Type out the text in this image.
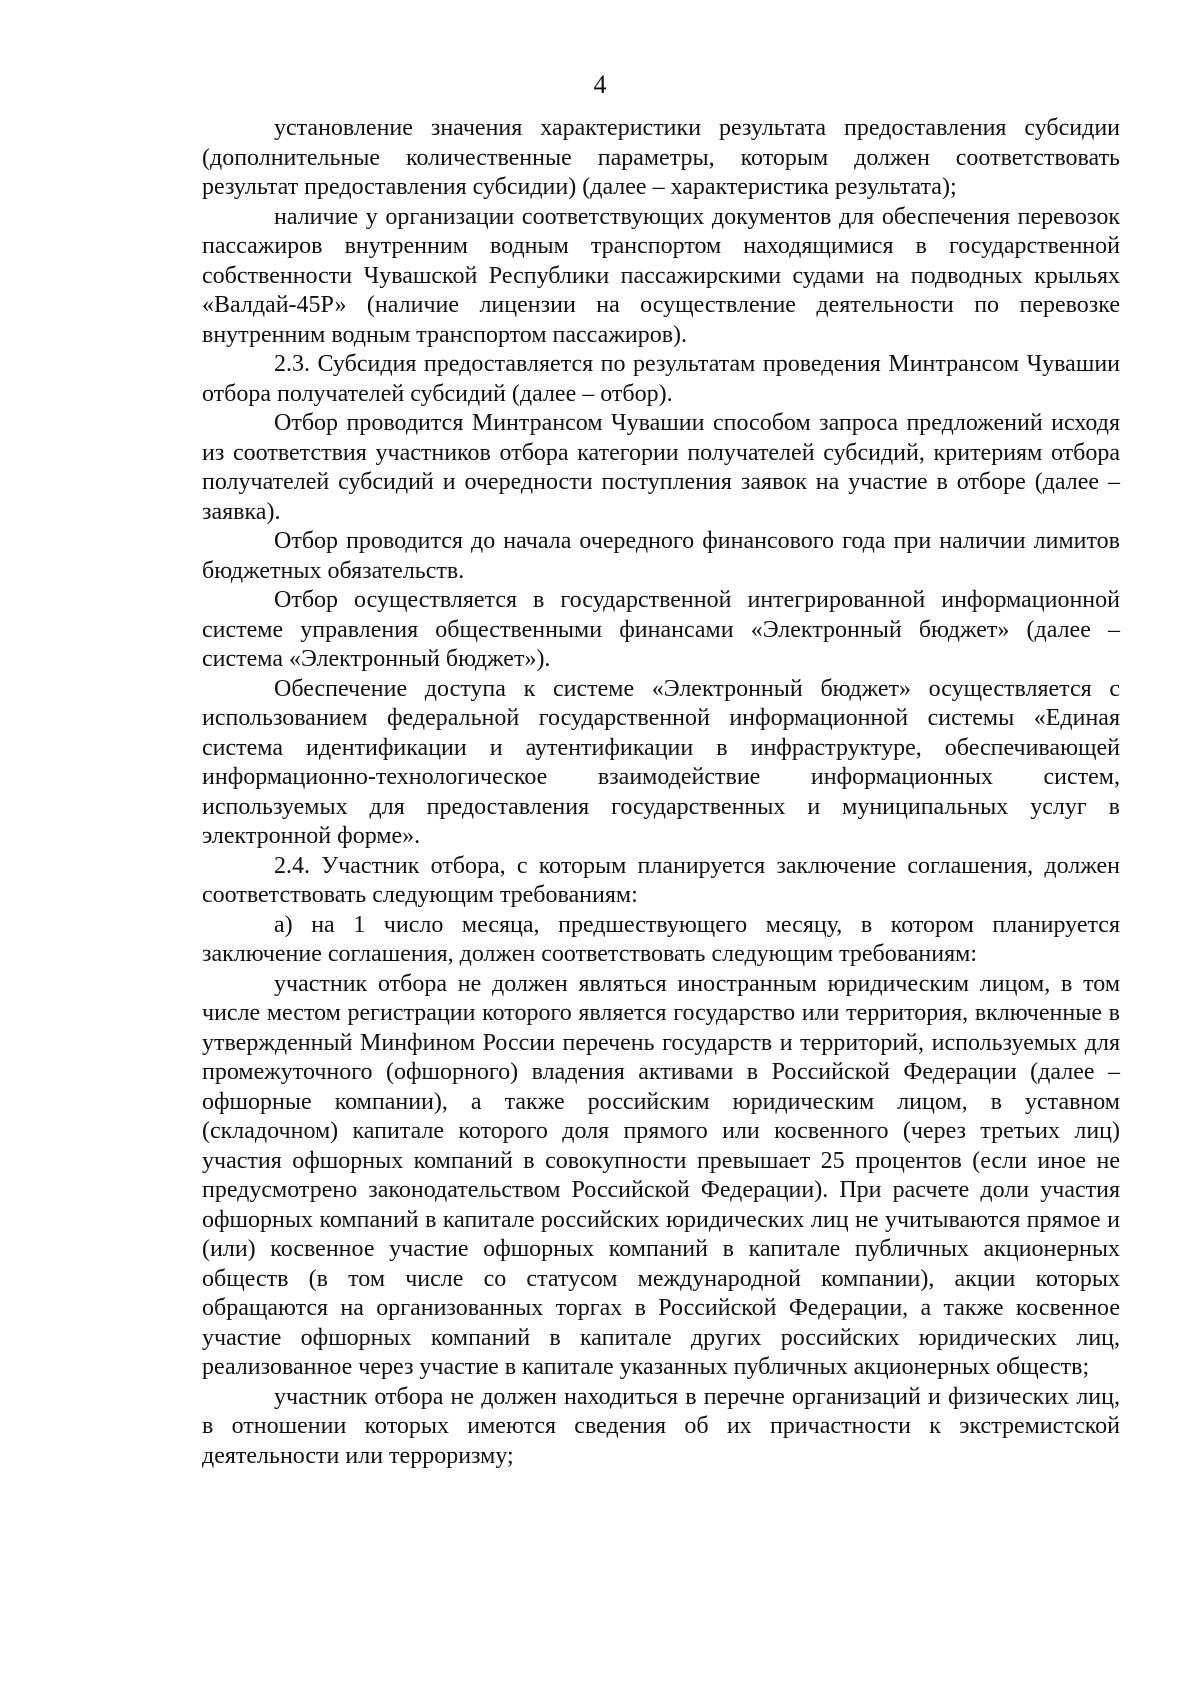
4

установление значения характеристики результата предоставления субсидии (дополнительные количественные параметры, которым должен соответствовать результат предоставления субсидии) (далее – характеристика результата);

наличие у организации соответствующих документов для обеспечения перевозок пассажиров внутренним водным транспортом находящимися в государственной собственности Чувашской Республики пассажирскими судами на подводных крыльях «Валдай-45Р» (наличие лицензии на осуществление деятельности по перевозке внутренним водным транспортом пассажиров).

2.3. Субсидия предоставляется по результатам проведения Минтрансом Чувашии отбора получателей субсидий (далее – отбор).

Отбор проводится Минтрансом Чувашии способом запроса предложений исходя из соответствия участников отбора категории получателей субсидий, критериям отбора получателей субсидий и очередности поступления заявок на участие в отборе (далее – заявка).

Отбор проводится до начала очередного финансового года при наличии лимитов бюджетных обязательств.

Отбор осуществляется в государственной интегрированной информационной системе управления общественными финансами «Электронный бюджет» (далее – система «Электронный бюджет»).

Обеспечение доступа к системе «Электронный бюджет» осуществляется с использованием федеральной государственной информационной системы «Единая система идентификации и аутентификации в инфраструктуре, обеспечивающей информационно-технологическое взаимодействие информационных систем, используемых для предоставления государственных и муниципальных услуг в электронной форме».

2.4. Участник отбора, с которым планируется заключение соглашения, должен соответствовать следующим требованиям:

а) на 1 число месяца, предшествующего месяцу, в котором планируется заключение соглашения, должен соответствовать следующим требованиям:

участник отбора не должен являться иностранным юридическим лицом, в том числе местом регистрации которого является государство или территория, включенные в утвержденный Минфином России перечень государств и территорий, используемых для промежуточного (офшорного) владения активами в Российской Федерации (далее – офшорные компании), а также российским юридическим лицом, в уставном (складочном) капитале которого доля прямого или косвенного (через третьих лиц) участия офшорных компаний в совокупности превышает 25 процентов (если иное не предусмотрено законодательством Российской Федерации). При расчете доли участия офшорных компаний в капитале российских юридических лиц не учитываются прямое и (или) косвенное участие офшорных компаний в капитале публичных акционерных обществ (в том числе со статусом международной компании), акции которых обращаются на организованных торгах в Российской Федерации, а также косвенное участие офшорных компаний в капитале других российских юридических лиц, реализованное через участие в капитале указанных публичных акционерных обществ;

участник отбора не должен находиться в перечне организаций и физических лиц, в отношении которых имеются сведения об их причастности к экстремистской деятельности или терроризму;
